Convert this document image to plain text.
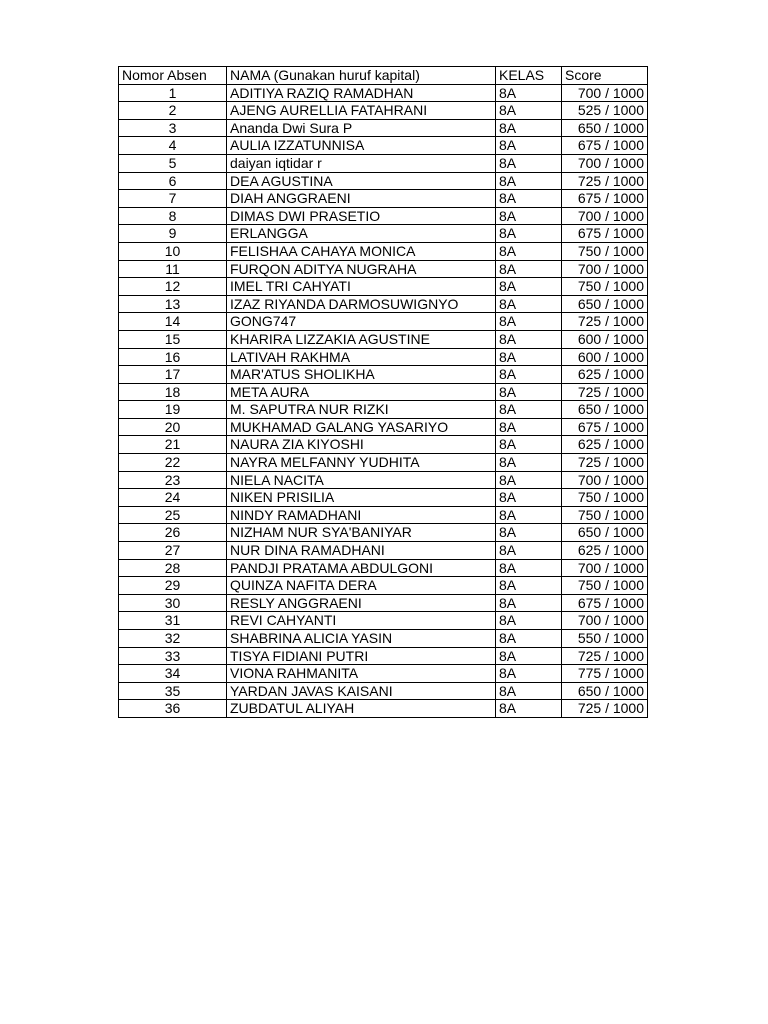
Nomor Absen	NAMA (Gunakan huruf kapital)	KELAS	Score
1	ADITIYA RAZIQ RAMADHAN	8A	700 / 1000
2	AJENG AURELLIA FATAHRANI	8A	525 / 1000
3	Ananda Dwi Sura P	8A	650 / 1000
4	AULIA IZZATUNNISA	8A	675 / 1000
5	daiyan iqtidar r	8A	700 / 1000
6	DEA AGUSTINA	8A	725 / 1000
7	DIAH ANGGRAENI	8A	675 / 1000
8	DIMAS DWI PRASETIO	8A	700 / 1000
9	ERLANGGA	8A	675 / 1000
10	FELISHAA CAHAYA MONICA	8A	750 / 1000
11	FURQON ADITYA NUGRAHA	8A	700 / 1000
12	IMEL TRI CAHYATI	8A	750 / 1000
13	IZAZ RIYANDA DARMOSUWIGNYO	8A	650 / 1000
14	GONG747	8A	725 / 1000
15	KHARIRA LIZZAKIA AGUSTINE	8A	600 / 1000
16	LATIVAH RAKHMA	8A	600 / 1000
17	MAR'ATUS SHOLIKHA	8A	625 / 1000
18	META AURA	8A	725 / 1000
19	M. SAPUTRA NUR RIZKI	8A	650 / 1000
20	MUKHAMAD GALANG YASARIYO	8A	675 / 1000
21	NAURA ZIA KIYOSHI	8A	625 / 1000
22	NAYRA MELFANNY YUDHITA	8A	725 / 1000
23	NIELA NACITA	8A	700 / 1000
24	NIKEN PRISILIA	8A	750 / 1000
25	NINDY RAMADHANI	8A	750 / 1000
26	NIZHAM NUR SYA'BANIYAR	8A	650 / 1000
27	NUR DINA RAMADHANI	8A	625 / 1000
28	PANDJI PRATAMA ABDULGONI	8A	700 / 1000
29	QUINZA NAFITA DERA	8A	750 / 1000
30	RESLY ANGGRAENI	8A	675 / 1000
31	REVI CAHYANTI	8A	700 / 1000
32	SHABRINA ALICIA YASIN	8A	550 / 1000
33	TISYA FIDIANI PUTRI	8A	725 / 1000
34	VIONA RAHMANITA	8A	775 / 1000
35	YARDAN JAVAS KAISANI	8A	650 / 1000
36	ZUBDATUL ALIYAH	8A	725 / 1000
